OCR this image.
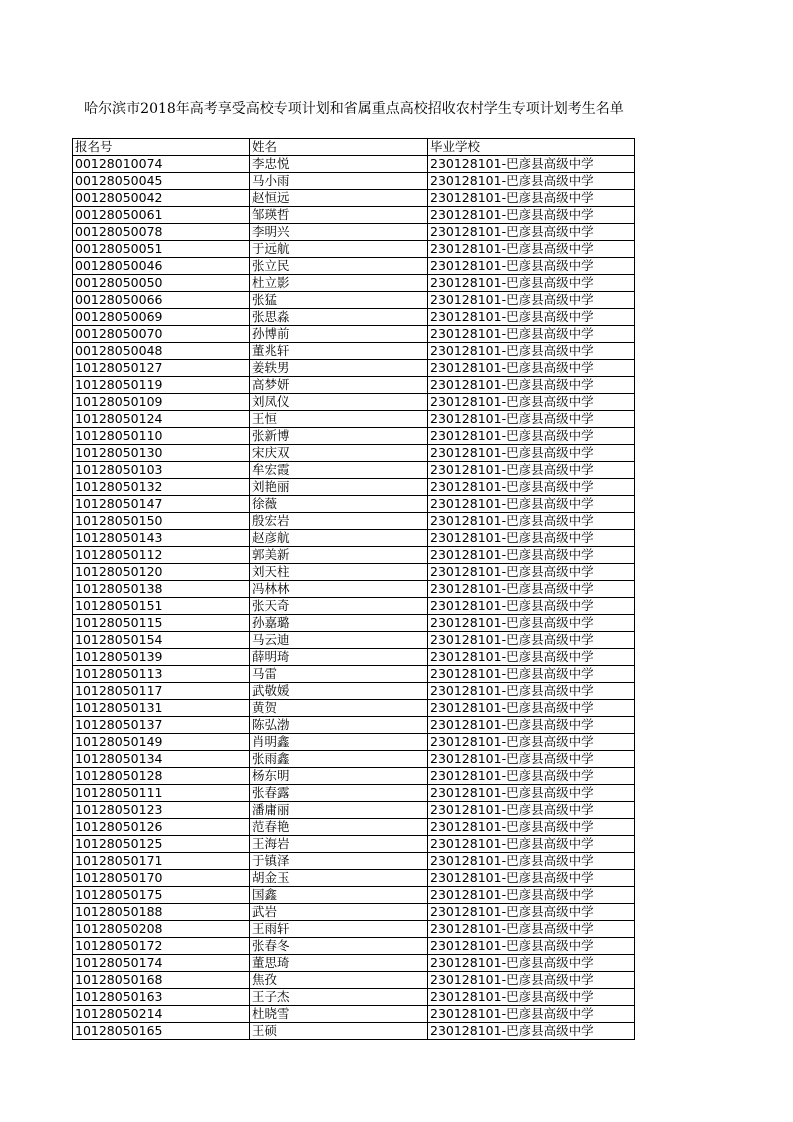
哈尔滨市2018年高考享受高校专项计划和省属重点高校招收农村学生专项计划考生名单
报名号	姓名	毕业学校
00128010074	李忠悦	230128101-巴彦县高级中学
00128050045	马小雨	230128101-巴彦县高级中学
00128050042	赵恒远	230128101-巴彦县高级中学
00128050061	邹瑛哲	230128101-巴彦县高级中学
00128050078	李明兴	230128101-巴彦县高级中学
00128050051	于远航	230128101-巴彦县高级中学
00128050046	张立民	230128101-巴彦县高级中学
00128050050	杜立影	230128101-巴彦县高级中学
00128050066	张猛	230128101-巴彦县高级中学
00128050069	张思淼	230128101-巴彦县高级中学
00128050070	孙博前	230128101-巴彦县高级中学
00128050048	董兆轩	230128101-巴彦县高级中学
10128050127	姜轶男	230128101-巴彦县高级中学
10128050119	高梦妍	230128101-巴彦县高级中学
10128050109	刘凤仪	230128101-巴彦县高级中学
10128050124	王恒	230128101-巴彦县高级中学
10128050110	张新博	230128101-巴彦县高级中学
10128050130	宋庆双	230128101-巴彦县高级中学
10128050103	牟宏霞	230128101-巴彦县高级中学
10128050132	刘艳丽	230128101-巴彦县高级中学
10128050147	徐薇	230128101-巴彦县高级中学
10128050150	殷宏岩	230128101-巴彦县高级中学
10128050143	赵彦航	230128101-巴彦县高级中学
10128050112	郭美新	230128101-巴彦县高级中学
10128050120	刘天柱	230128101-巴彦县高级中学
10128050138	冯林林	230128101-巴彦县高级中学
10128050151	张天奇	230128101-巴彦县高级中学
10128050115	孙嘉璐	230128101-巴彦县高级中学
10128050154	马云迪	230128101-巴彦县高级中学
10128050139	薛明琦	230128101-巴彦县高级中学
10128050113	马雷	230128101-巴彦县高级中学
10128050117	武敬媛	230128101-巴彦县高级中学
10128050131	黄贺	230128101-巴彦县高级中学
10128050137	陈弘渤	230128101-巴彦县高级中学
10128050149	肖明鑫	230128101-巴彦县高级中学
10128050134	张雨鑫	230128101-巴彦县高级中学
10128050128	杨东明	230128101-巴彦县高级中学
10128050111	张春露	230128101-巴彦县高级中学
10128050123	潘庸丽	230128101-巴彦县高级中学
10128050126	范春艳	230128101-巴彦县高级中学
10128050125	王海岩	230128101-巴彦县高级中学
10128050171	于镇泽	230128101-巴彦县高级中学
10128050170	胡金玉	230128101-巴彦县高级中学
10128050175	国鑫	230128101-巴彦县高级中学
10128050188	武岩	230128101-巴彦县高级中学
10128050208	王雨轩	230128101-巴彦县高级中学
10128050172	张春冬	230128101-巴彦县高级中学
10128050174	董思琦	230128101-巴彦县高级中学
10128050168	焦孜	230128101-巴彦县高级中学
10128050163	王子杰	230128101-巴彦县高级中学
10128050214	杜晓雪	230128101-巴彦县高级中学
10128050165	王硕	230128101-巴彦县高级中学
